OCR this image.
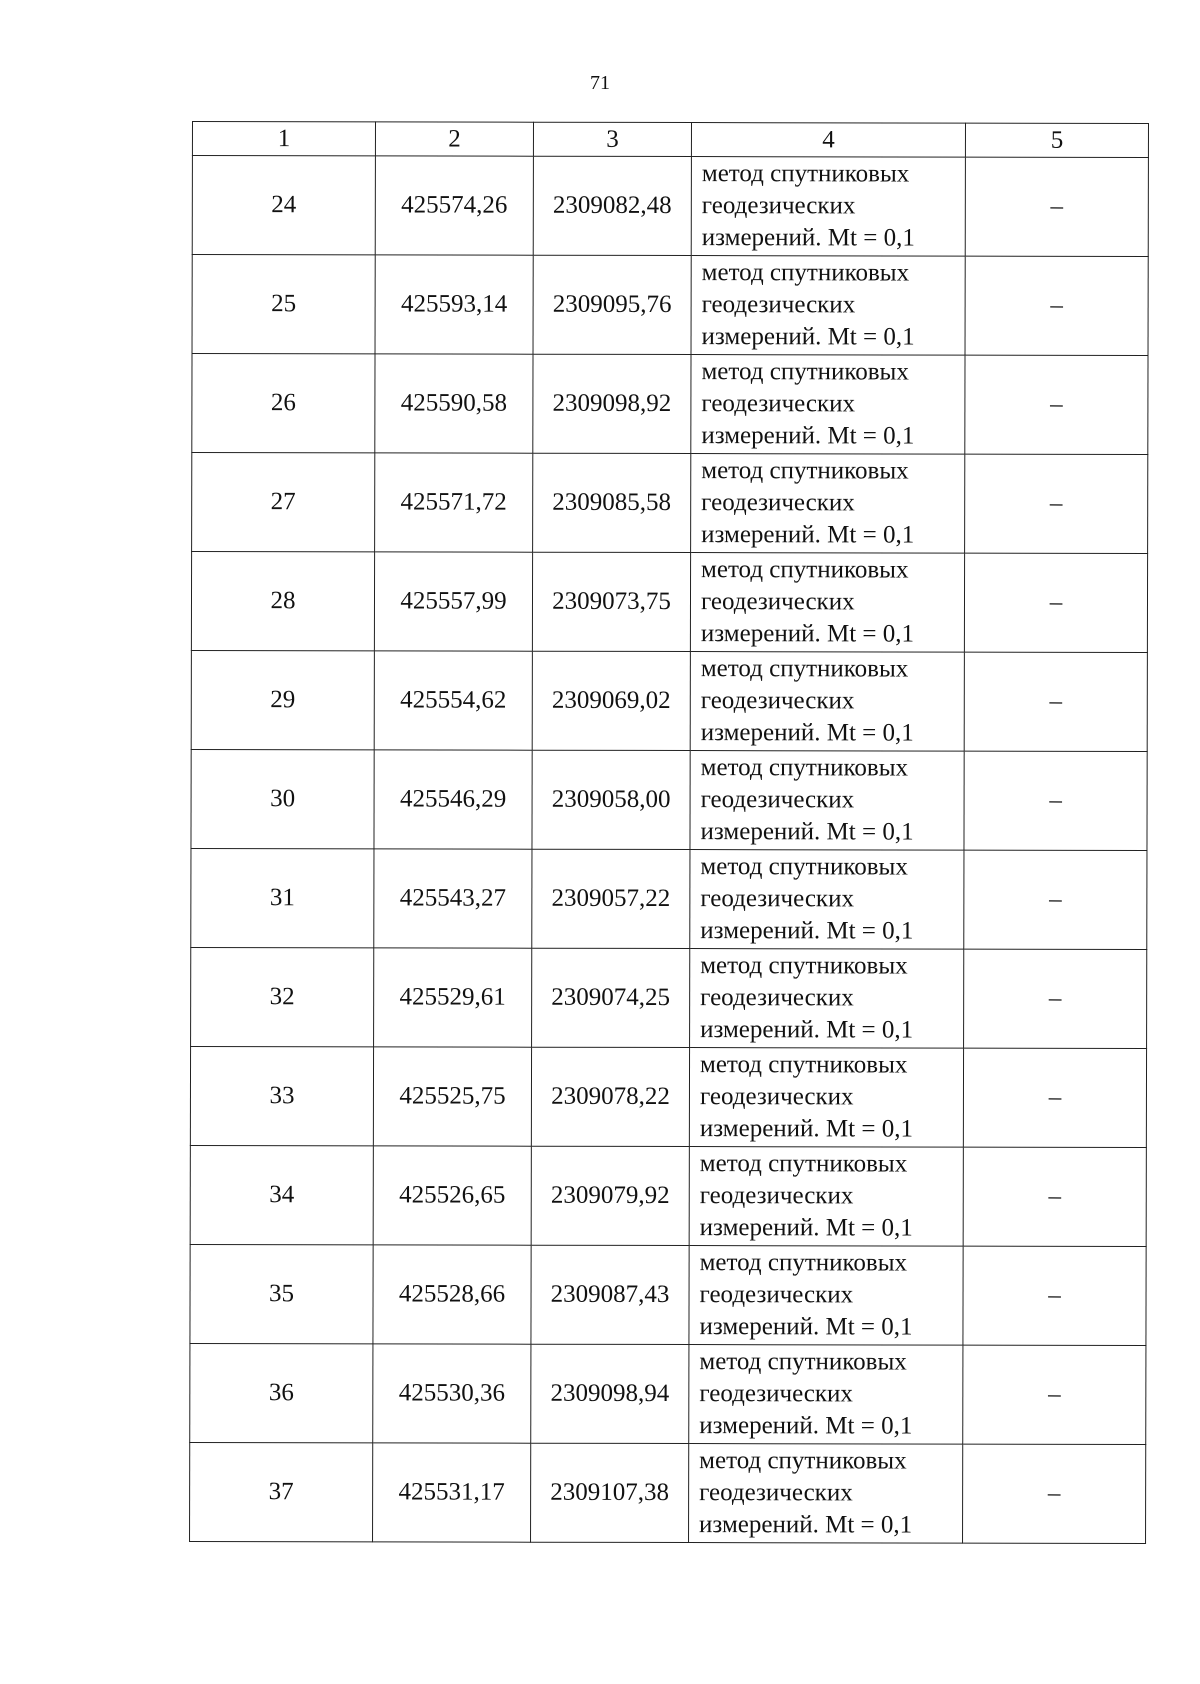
71
1	2	3	4	5
24	425574,26	2309082,48	метод спутниковых
геодезических
измерений. Mt = 0,1	–
25	425593,14	2309095,76	метод спутниковых
геодезических
измерений. Mt = 0,1	–
26	425590,58	2309098,92	метод спутниковых
геодезических
измерений. Mt = 0,1	–
27	425571,72	2309085,58	метод спутниковых
геодезических
измерений. Mt = 0,1	–
28	425557,99	2309073,75	метод спутниковых
геодезических
измерений. Mt = 0,1	–
29	425554,62	2309069,02	метод спутниковых
геодезических
измерений. Mt = 0,1	–
30	425546,29	2309058,00	метод спутниковых
геодезических
измерений. Mt = 0,1	–
31	425543,27	2309057,22	метод спутниковых
геодезических
измерений. Mt = 0,1	–
32	425529,61	2309074,25	метод спутниковых
геодезических
измерений. Mt = 0,1	–
33	425525,75	2309078,22	метод спутниковых
геодезических
измерений. Mt = 0,1	–
34	425526,65	2309079,92	метод спутниковых
геодезических
измерений. Mt = 0,1	–
35	425528,66	2309087,43	метод спутниковых
геодезических
измерений. Mt = 0,1	–
36	425530,36	2309098,94	метод спутниковых
геодезических
измерений. Mt = 0,1	–
37	425531,17	2309107,38	метод спутниковых
геодезических
измерений. Mt = 0,1	–
